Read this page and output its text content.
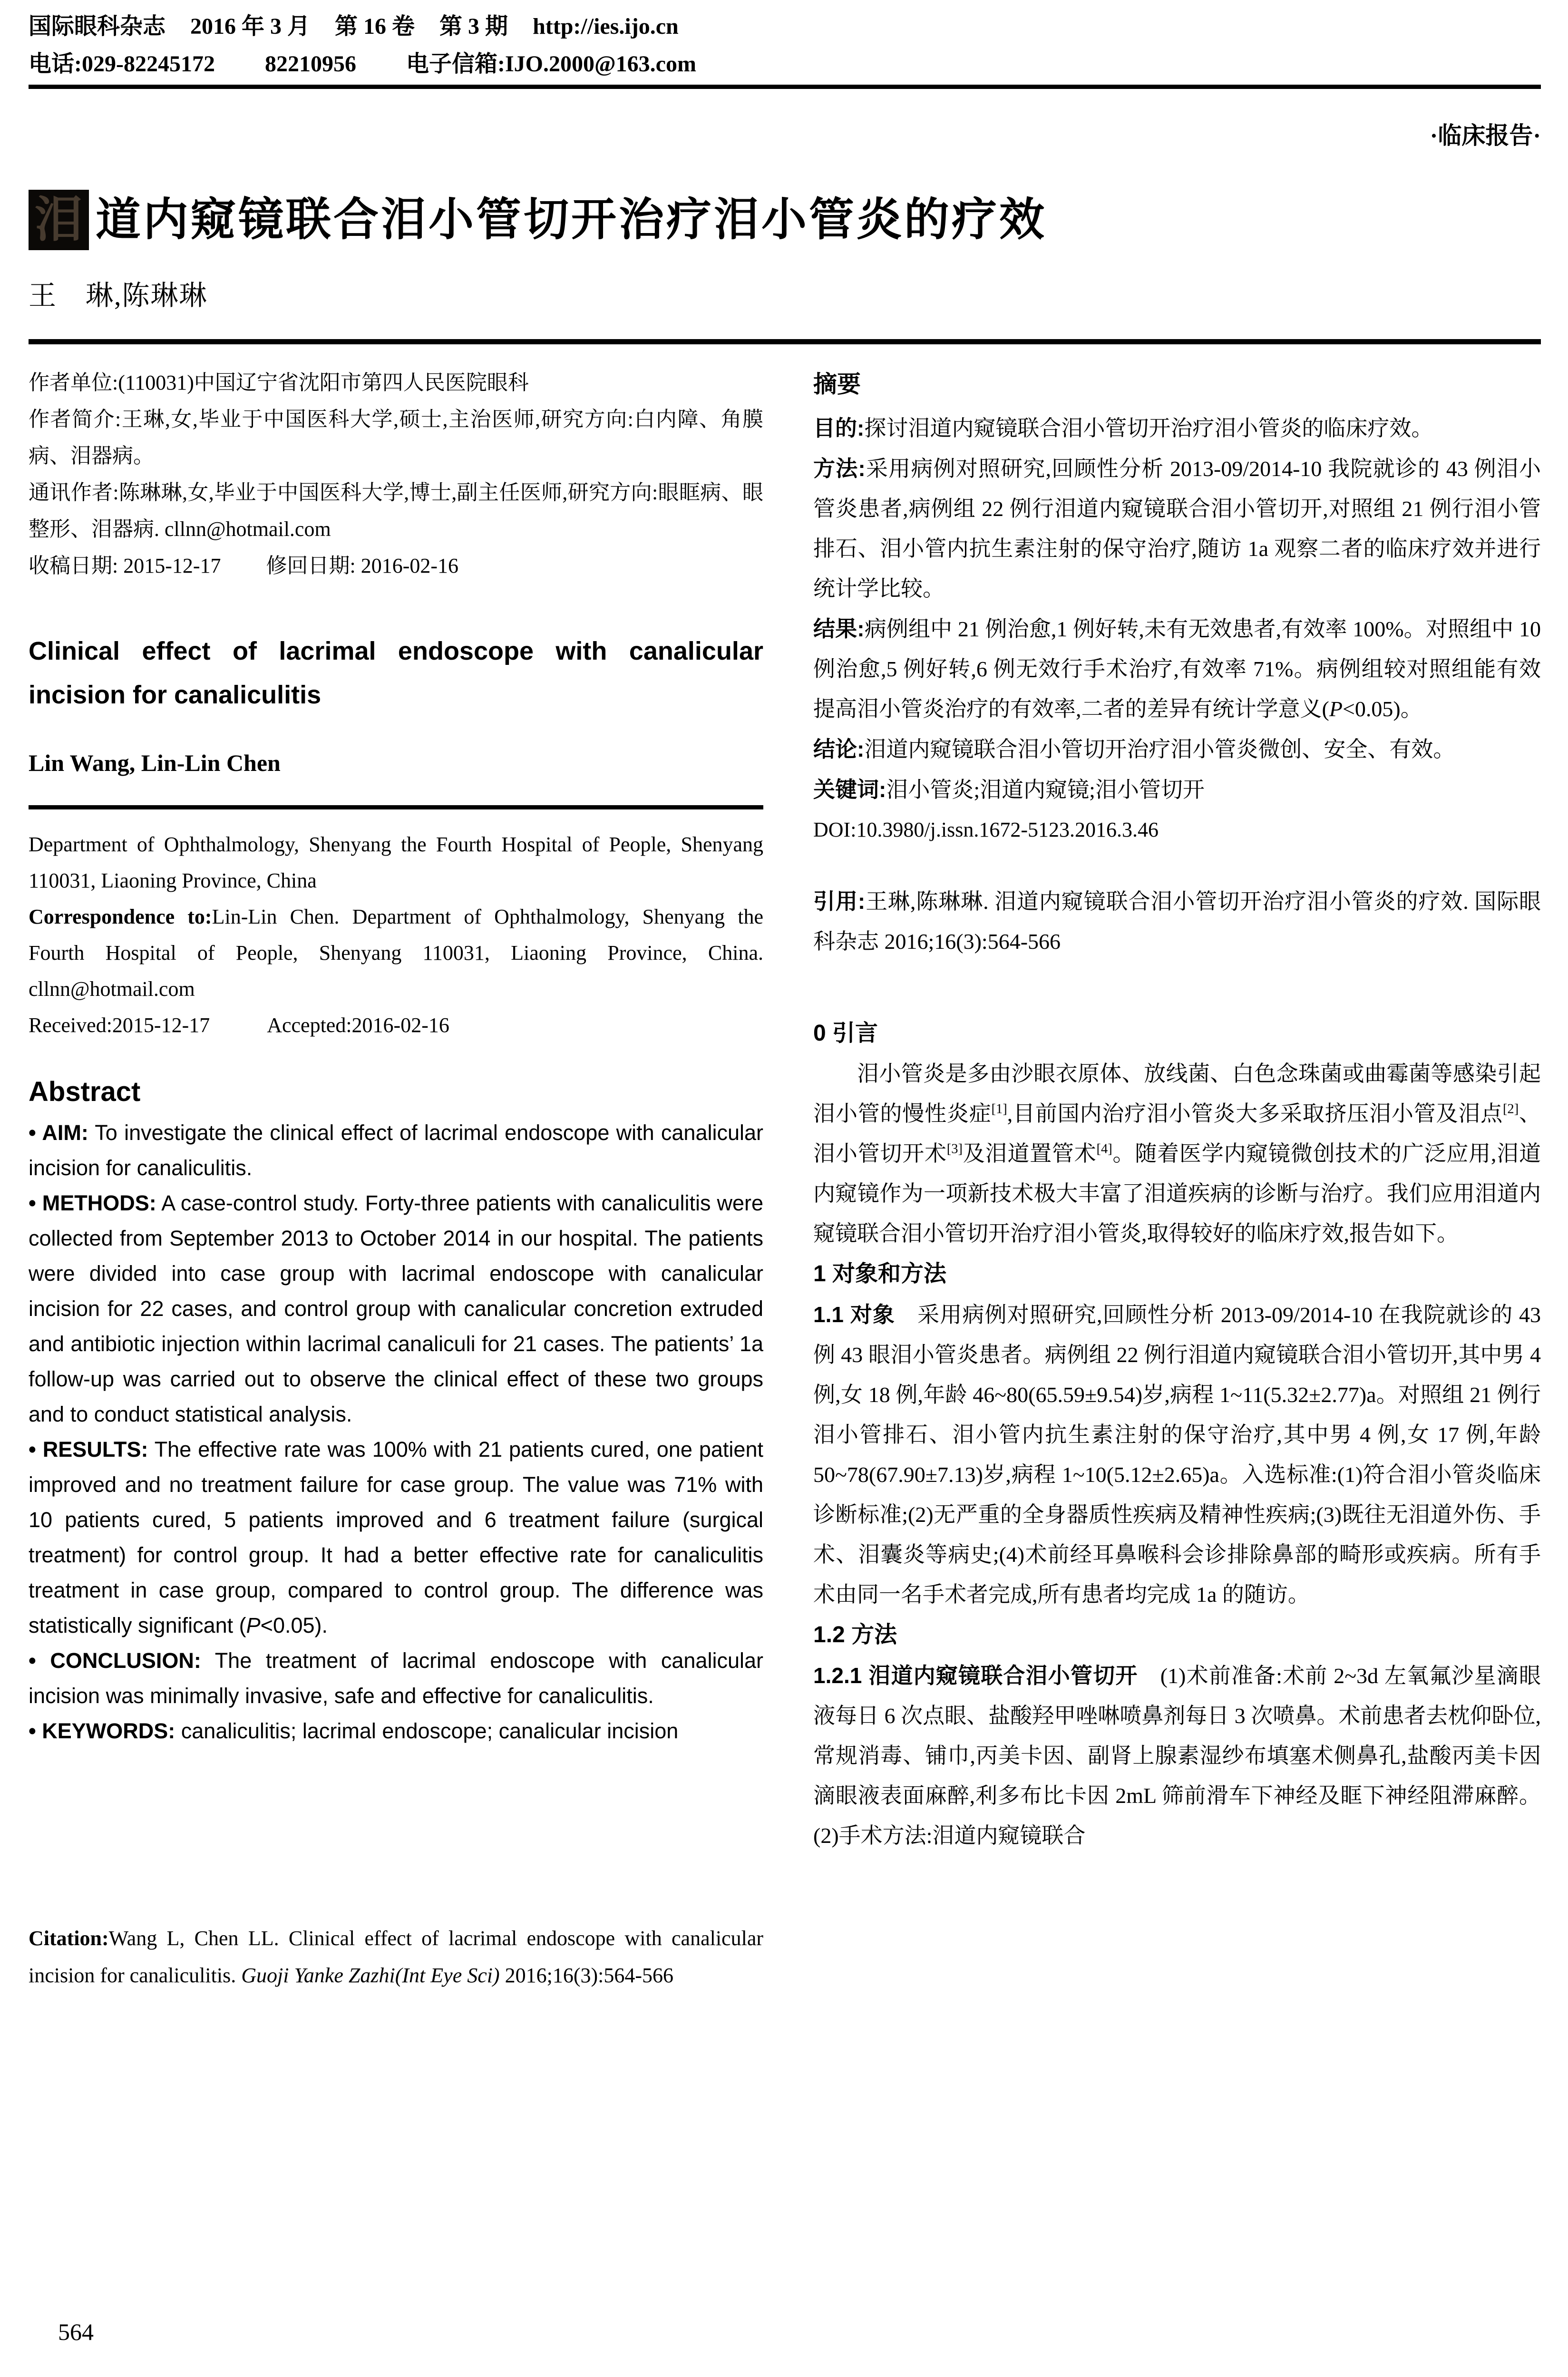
国际眼科杂志 2016 年 3 月 第 16 卷 第 3 期 http://ies.ijo.cn
电话:029-82245172 82210956 电子信箱:IJO.2000@163.com
·临床报告·
泪 道内窥镜联合泪小管切开治疗泪小管炎的疗效
王　琳,陈琳琳

作者单位:(110031)中国辽宁省沈阳市第四人民医院眼科

作者简介:王琳,女,毕业于中国医科大学,硕士,主治医师,研究方向:白内障、角膜病、泪器病。

通讯作者:陈琳琳,女,毕业于中国医科大学,博士,副主任医师,研究方向:眼眶病、眼整形、泪器病. cllnn@hotmail.com

收稿日期: 2015-12-17 修回日期: 2016-02-16
Clinical effect of lacrimal endoscope with canalicular incision for canaliculitis
Lin Wang, Lin-Lin Chen

Department of Ophthalmology, Shenyang the Fourth Hospital of People, Shenyang 110031, Liaoning Province, China

Correspondence to:Lin-Lin Chen. Department of Ophthalmology, Shenyang the Fourth Hospital of People, Shenyang 110031, Liaoning Province, China. cllnn@hotmail.com

Received:2015-12-17	Accepted:2016-02-16
Abstract

• AIM: To investigate the clinical effect of lacrimal endoscope with canalicular incision for canaliculitis.

• METHODS: A case-control study. Forty-three patients with canaliculitis were collected from September 2013 to October 2014 in our hospital. The patients were divided into case group with lacrimal endoscope with canalicular incision for 22 cases, and control group with canalicular concretion extruded and antibiotic injection within lacrimal canaliculi for 21 cases. The patients’ 1a follow-up was carried out to observe the clinical effect of these two groups and to conduct statistical analysis.

• RESULTS: The effective rate was 100% with 21 patients cured, one patient improved and no treatment failure for case group. The value was 71% with 10 patients cured, 5 patients improved and 6 treatment failure (surgical treatment) for control group. It had a better effective rate for canaliculitis treatment in case group, compared to control group. The difference was statistically significant (P<0.05).

• CONCLUSION: The treatment of lacrimal endoscope with canalicular incision was minimally invasive, safe and effective for canaliculitis.

• KEYWORDS: canaliculitis; lacrimal endoscope; canalicular incision

Citation:Wang L, Chen LL. Clinical effect of lacrimal endoscope with canalicular incision for canaliculitis. Guoji Yanke Zazhi(Int Eye Sci) 2016;16(3):564-566

摘要

目的:探讨泪道内窥镜联合泪小管切开治疗泪小管炎的临床疗效。

方法:采用病例对照研究,回顾性分析 2013-09/2014-10 我院就诊的 43 例泪小管炎患者,病例组 22 例行泪道内窥镜联合泪小管切开,对照组 21 例行泪小管排石、泪小管内抗生素注射的保守治疗,随访 1a 观察二者的临床疗效并进行统计学比较。

结果:病例组中 21 例治愈,1 例好转,未有无效患者,有效率 100%。对照组中 10 例治愈,5 例好转,6 例无效行手术治疗,有效率 71%。病例组较对照组能有效提高泪小管炎治疗的有效率,二者的差异有统计学意义(P<0.05)。

结论:泪道内窥镜联合泪小管切开治疗泪小管炎微创、安全、有效。

关键词:泪小管炎;泪道内窥镜;泪小管切开

DOI:10.3980/j.issn.1672-5123.2016.3.46

引用:王琳,陈琳琳. 泪道内窥镜联合泪小管切开治疗泪小管炎的疗效. 国际眼科杂志 2016;16(3):564-566

0 引言

泪小管炎是多由沙眼衣原体、放线菌、白色念珠菌或曲霉菌等感染引起泪小管的慢性炎症[1],目前国内治疗泪小管炎大多采取挤压泪小管及泪点[2]、泪小管切开术[3]及泪道置管术[4]。随着医学内窥镜微创技术的广泛应用,泪道内窥镜作为一项新技术极大丰富了泪道疾病的诊断与治疗。我们应用泪道内窥镜联合泪小管切开治疗泪小管炎,取得较好的临床疗效,报告如下。

1 对象和方法

1.1 对象　采用病例对照研究,回顾性分析 2013-09/2014-10 在我院就诊的 43 例 43 眼泪小管炎患者。病例组 22 例行泪道内窥镜联合泪小管切开,其中男 4 例,女 18 例,年龄 46~80(65.59±9.54)岁,病程 1~11(5.32±2.77)a。对照组 21 例行泪小管排石、泪小管内抗生素注射的保守治疗,其中男 4 例,女 17 例,年龄 50~78(67.90±7.13)岁,病程 1~10(5.12±2.65)a。入选标准:(1)符合泪小管炎临床诊断标准;(2)无严重的全身器质性疾病及精神性疾病;(3)既往无泪道外伤、手术、泪囊炎等病史;(4)术前经耳鼻喉科会诊排除鼻部的畸形或疾病。所有手术由同一名手术者完成,所有患者均完成 1a 的随访。

1.2 方法

1.2.1 泪道内窥镜联合泪小管切开　(1)术前准备:术前 2~3d 左氧氟沙星滴眼液每日 6 次点眼、盐酸羟甲唑啉喷鼻剂每日 3 次喷鼻。术前患者去枕仰卧位,常规消毒、铺巾,丙美卡因、副肾上腺素湿纱布填塞术侧鼻孔,盐酸丙美卡因滴眼液表面麻醉,利多布比卡因 2mL 筛前滑车下神经及眶下神经阻滞麻醉。(2)手术方法:泪道内窥镜联合

564
